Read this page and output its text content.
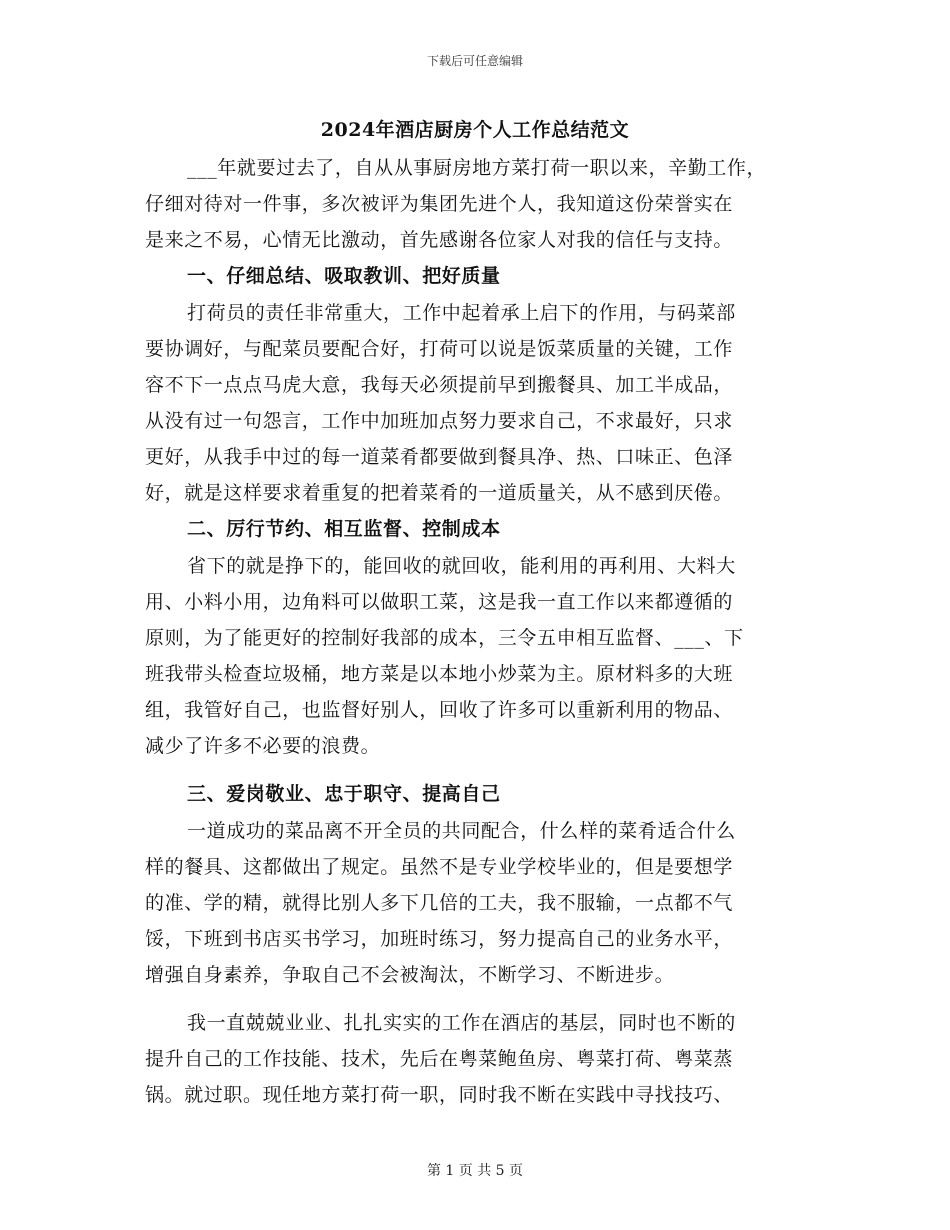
下载后可任意编辑
2024年酒店厨房个人工作总结范文
___年就要过去了，自从从事厨房地方菜打荷一职以来，辛勤工作，
仔细对待对一件事，多次被评为集团先进个人，我知道这份荣誉实在
是来之不易，心情无比激动，首先感谢各位家人对我的信任与支持。
一、仔细总结、吸取教训、把好质量
打荷员的责任非常重大，工作中起着承上启下的作用，与码菜部
要协调好，与配菜员要配合好，打荷可以说是饭菜质量的关键，工作
容不下一点点马虎大意，我每天必须提前早到搬餐具、加工半成品，
从没有过一句怨言，工作中加班加点努力要求自己，不求最好，只求
更好，从我手中过的每一道菜肴都要做到餐具净、热、口味正、色泽
好，就是这样要求着重复的把着菜肴的一道质量关，从不感到厌倦。
二、厉行节约、相互监督、控制成本
省下的就是挣下的，能回收的就回收，能利用的再利用、大料大
用、小料小用，边角料可以做职工菜，这是我一直工作以来都遵循的
原则，为了能更好的控制好我部的成本，三令五申相互监督、___、下
班我带头检查垃圾桶，地方菜是以本地小炒菜为主。原材料多的大班
组，我管好自己，也监督好别人，回收了许多可以重新利用的物品、
减少了许多不必要的浪费。
三、爱岗敬业、忠于职守、提高自己
一道成功的菜品离不开全员的共同配合，什么样的菜肴适合什么
样的餐具、这都做出了规定。虽然不是专业学校毕业的，但是要想学
的准、学的精，就得比别人多下几倍的工夫，我不服输，一点都不气
馁，下班到书店买书学习，加班时练习，努力提高自己的业务水平，
增强自身素养，争取自己不会被淘汰，不断学习、不断进步。
我一直兢兢业业、扎扎实实的工作在酒店的基层，同时也不断的
提升自己的工作技能、技术，先后在粤菜鲍鱼房、粤菜打荷、粤菜蒸
锅。就过职。现任地方菜打荷一职，同时我不断在实践中寻找技巧、
第 1 页 共 5 页
